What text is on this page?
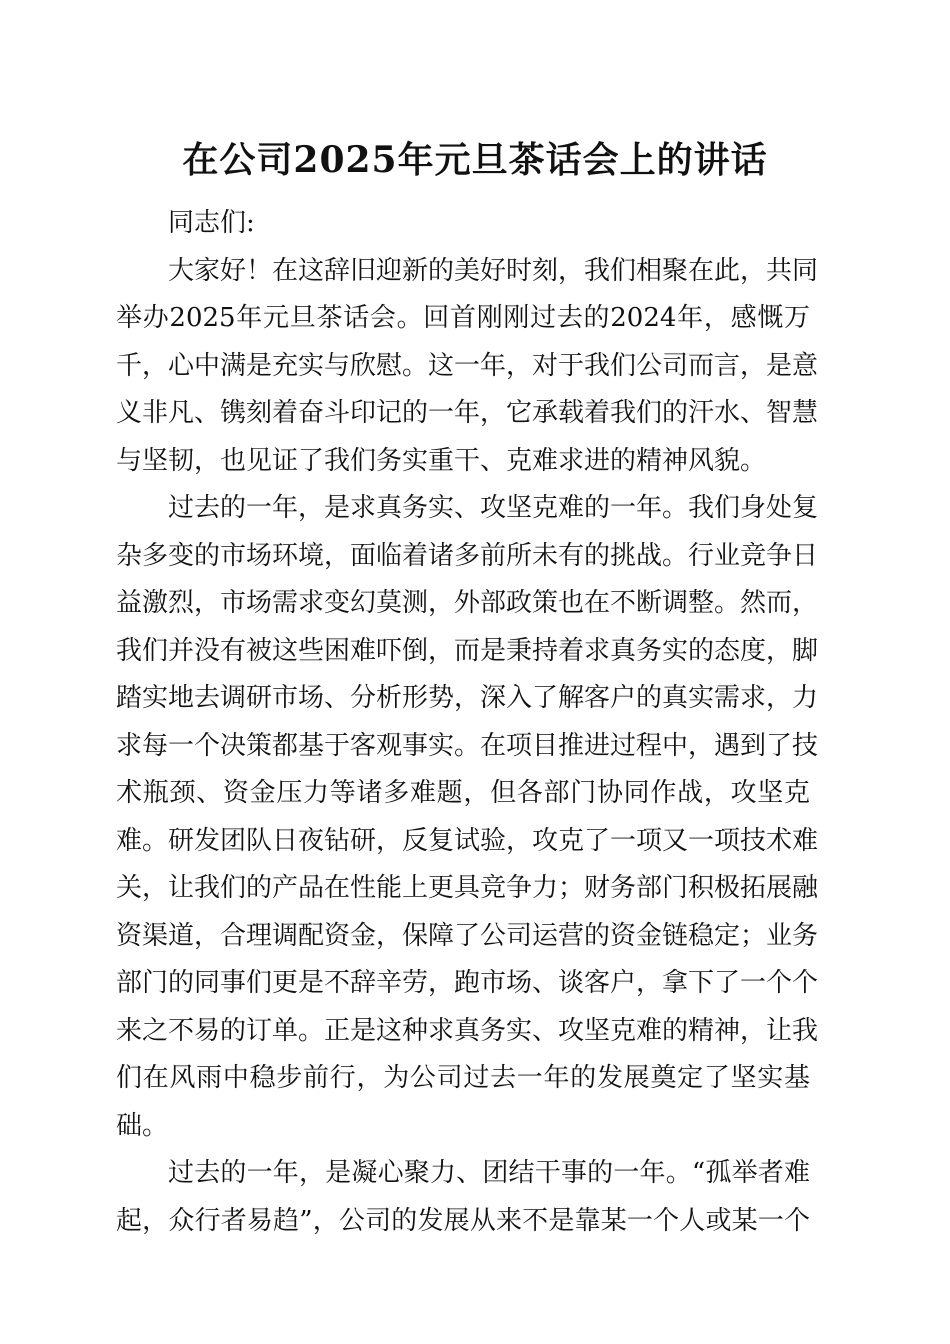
在公司2025年元旦茶话会上的讲话
同志们:
大家好！在这辞旧迎新的美好时刻，我们相聚在此，共同
举办2025年元旦茶话会。回首刚刚过去的2024年，感慨万
千，心中满是充实与欣慰。这一年，对于我们公司而言，是意
义非凡、镌刻着奋斗印记的一年，它承载着我们的汗水、智慧
与坚韧，也见证了我们务实重干、克难求进的精神风貌。
过去的一年，是求真务实、攻坚克难的一年。我们身处复
杂多变的市场环境，面临着诸多前所未有的挑战。行业竞争日
益激烈，市场需求变幻莫测，外部政策也在不断调整。然而，
我们并没有被这些困难吓倒，而是秉持着求真务实的态度，脚
踏实地去调研市场、分析形势，深入了解客户的真实需求，力
求每一个决策都基于客观事实。在项目推进过程中，遇到了技
术瓶颈、资金压力等诸多难题，但各部门协同作战，攻坚克
难。研发团队日夜钻研，反复试验，攻克了一项又一项技术难
关，让我们的产品在性能上更具竞争力；财务部门积极拓展融
资渠道，合理调配资金，保障了公司运营的资金链稳定；业务
部门的同事们更是不辞辛劳，跑市场、谈客户，拿下了一个个
来之不易的订单。正是这种求真务实、攻坚克难的精神，让我
们在风雨中稳步前行，为公司过去一年的发展奠定了坚实基
础。
过去的一年，是凝心聚力、团结干事的一年。“孤举者难
起，众行者易趋”，公司的发展从来不是靠某一个人或某一个
